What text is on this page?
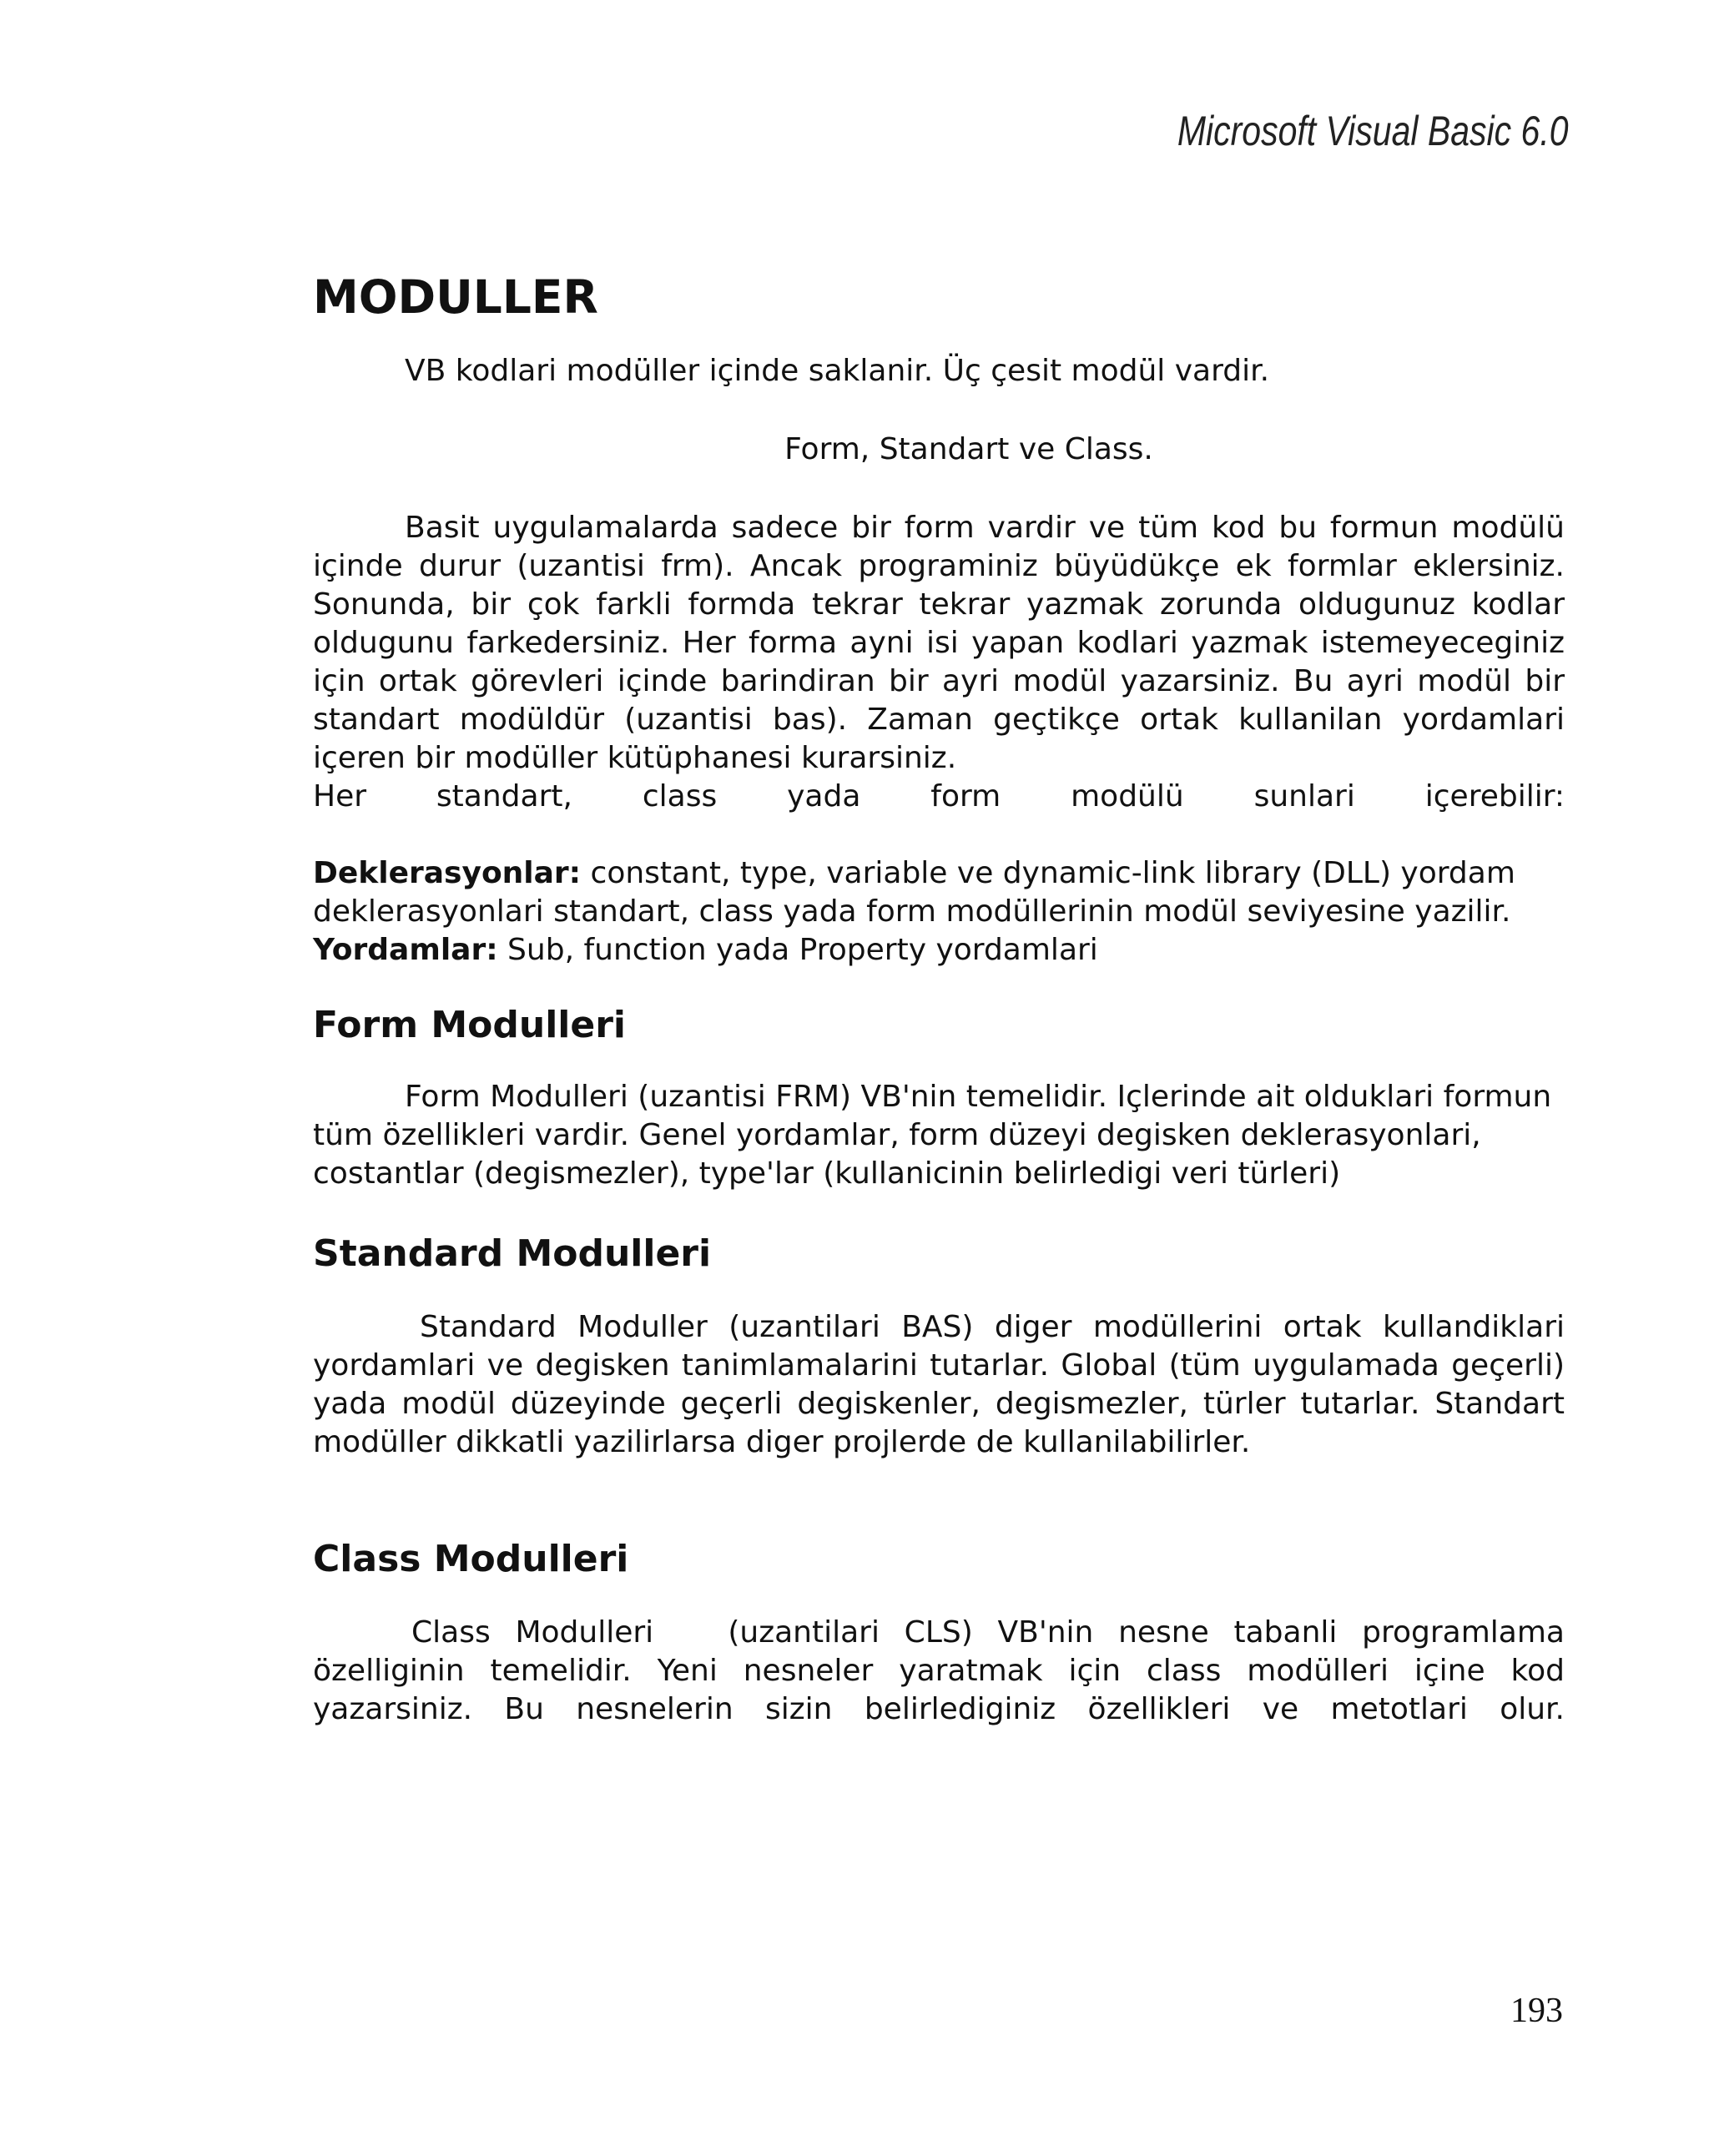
Microsoft Visual Basic 6.0
MODULLER

VB kodlari modüller içinde saklanir. Üç çesit modül vardir.

Form, Standart ve Class.

Basit uygulamalarda sadece bir form vardir ve tüm kod bu formun modülü içinde durur (uzantisi frm). Ancak programiniz büyüdükçe ek formlar eklersiniz. Sonunda, bir çok farkli formda tekrar tekrar yazmak zorunda oldugunuz kodlar oldugunu farkedersiniz. Her forma ayni isi yapan kodlari yazmak istemeyeceginiz için ortak görevleri içinde barindiran bir ayri modül yazarsiniz. Bu ayri modül bir standart modüldür (uzantisi bas). Zaman geçtikçe ortak kullanilan yordamlari içeren bir modüller kütüphanesi kurarsiniz.

Her standart, class yada form modülü sunlari içerebilir:

Deklerasyonlar: constant, type, variable ve dynamic-link library (DLL) yordam deklerasyonlari standart, class yada form modüllerinin modül seviyesine yazilir.

Yordamlar: Sub, function yada Property yordamlari

Form Modulleri

Form Modulleri (uzantisi FRM) VB'nin temelidir. Içlerinde ait olduklari formun tüm özellikleri vardir. Genel yordamlar, form düzeyi degisken deklerasyonlari, costantlar (degismezler), type'lar (kullanicinin belirledigi veri türleri)

Standard Modulleri

Standard Moduller (uzantilari BAS) diger modüllerini ortak kullandiklari yordamlari ve degisken tanimlamalarini tutarlar. Global (tüm uygulamada geçerli) yada modül düzeyinde geçerli degiskenler, degismezler, türler tutarlar. Standart modüller dikkatli yazilirlarsa diger projlerde de kullanilabilirler.

Class Modulleri

Class Modulleri   (uzantilari CLS) VB'nin nesne tabanli programlama özelliginin temelidir. Yeni nesneler yaratmak için class modülleri içine kod yazarsiniz. Bu nesnelerin sizin belirlediginiz özellikleri ve metotlari olur.

193
